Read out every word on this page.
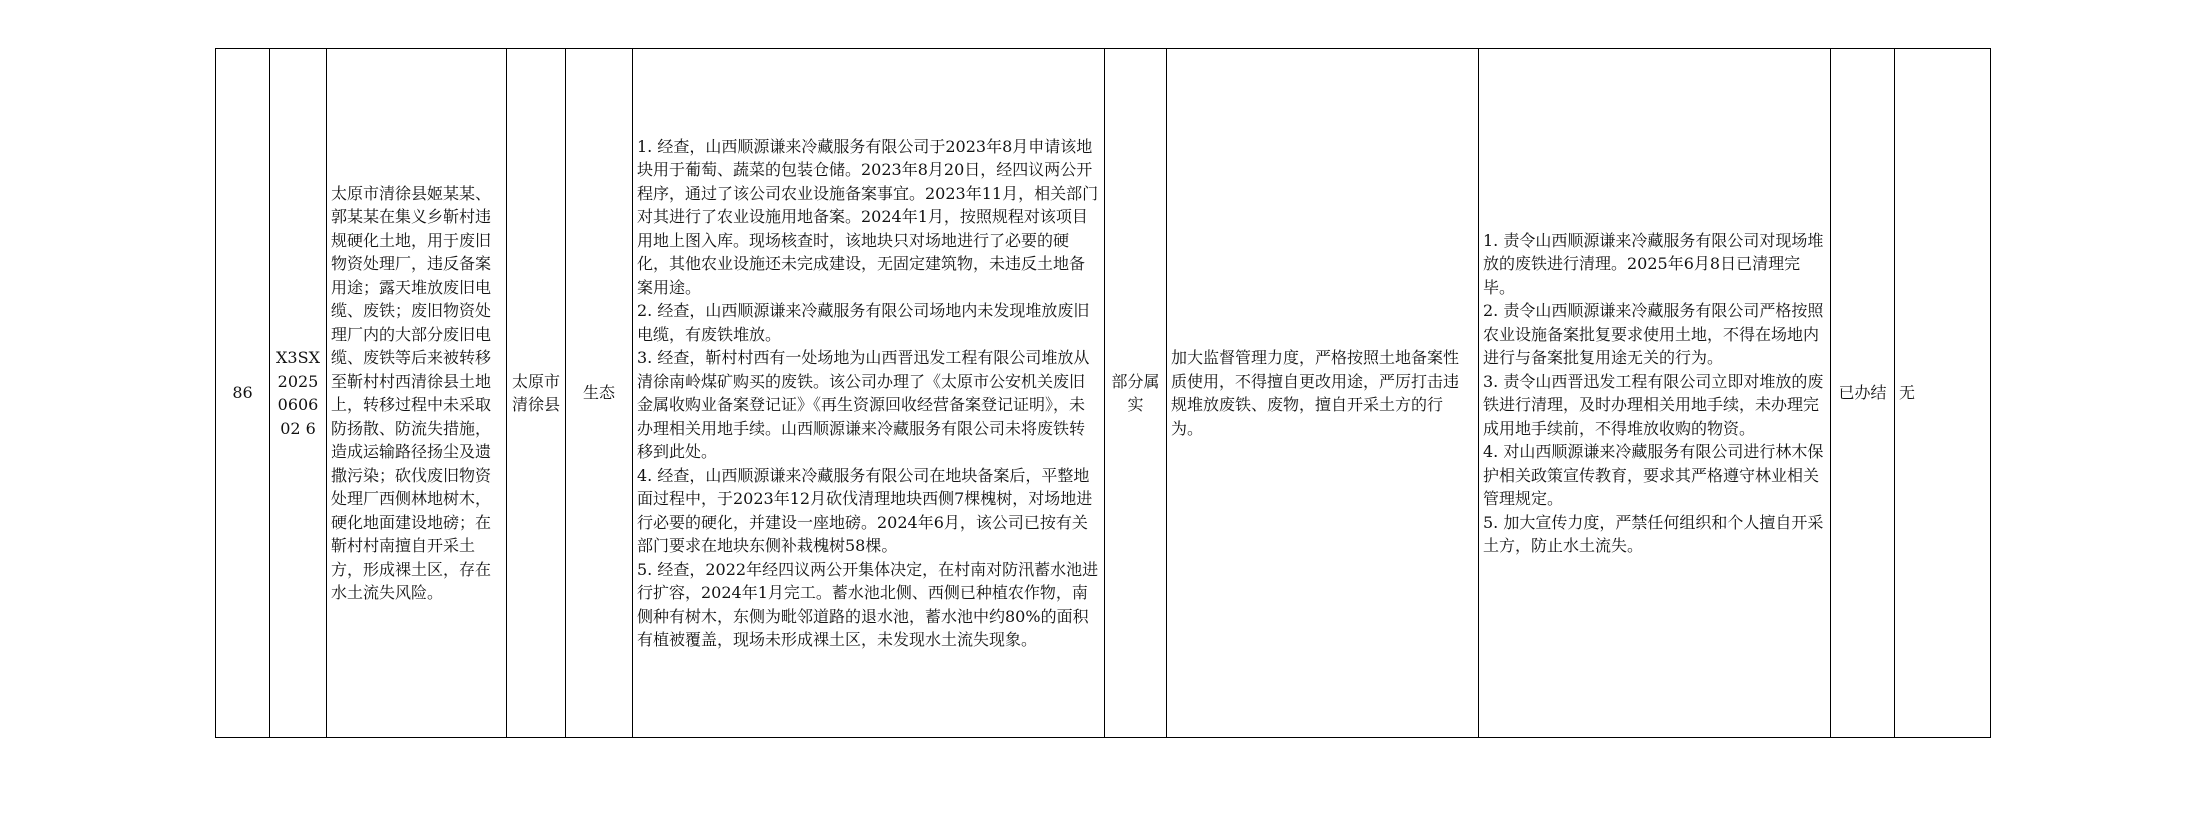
86	X3SX2025060602 6	太原市清徐县姬某某、郭某某在集义乡靳村违规硬化土地，用于废旧物资处理厂，违反备案用途；露天堆放废旧电缆、废铁；废旧物资处理厂内的大部分废旧电缆、废铁等后来被转移至靳村村西清徐县土地上，转移过程中未采取防扬散、防流失措施，造成运输路径扬尘及遗撒污染；砍伐废旧物资处理厂西侧林地树木，硬化地面建设地磅；在靳村村南擅自开采土方，形成裸土区，存在水土流失风险。	太原市清徐县	生态	1. 经查，山西顺源谦来冷藏服务有限公司于2023年8月申请该地块用于葡萄、蔬菜的包装仓储。2023年8月20日，经四议两公开程序，通过了该公司农业设施备案事宜。2023年11月，相关部门对其进行了农业设施用地备案。2024年1月，按照规程对该项目用地上图入库。现场核查时，该地块只对场地进行了必要的硬化，其他农业设施还未完成建设，无固定建筑物，未违反土地备案用途。
2. 经查，山西顺源谦来冷藏服务有限公司场地内未发现堆放废旧电缆，有废铁堆放。
3. 经查，靳村村西有一处场地为山西晋迅发工程有限公司堆放从清徐南岭煤矿购买的废铁。该公司办理了《太原市公安机关废旧金属收购业备案登记证》《再生资源回收经营备案登记证明》，未办理相关用地手续。山西顺源谦来冷藏服务有限公司未将废铁转移到此处。
4. 经查，山西顺源谦来冷藏服务有限公司在地块备案后，平整地面过程中，于2023年12月砍伐清理地块西侧7棵槐树，对场地进行必要的硬化，并建设一座地磅。2024年6月，该公司已按有关部门要求在地块东侧补栽槐树58棵。
5. 经查，2022年经四议两公开集体决定，在村南对防汛蓄水池进行扩容，2024年1月完工。蓄水池北侧、西侧已种植农作物，南侧种有树木，东侧为毗邻道路的退水池，蓄水池中约80%的面积有植被覆盖，现场未形成裸土区，未发现水土流失现象。	部分属实	加大监督管理力度，严格按照土地备案性质使用，不得擅自更改用途，严厉打击违规堆放废铁、废物，擅自开采土方的行为。	1. 责令山西顺源谦来冷藏服务有限公司对现场堆放的废铁进行清理。2025年6月8日已清理完毕。
2. 责令山西顺源谦来冷藏服务有限公司严格按照农业设施备案批复要求使用土地，不得在场地内进行与备案批复用途无关的行为。
3. 责令山西晋迅发工程有限公司立即对堆放的废铁进行清理，及时办理相关用地手续，未办理完成用地手续前，不得堆放收购的物资。
4. 对山西顺源谦来冷藏服务有限公司进行林木保护相关政策宣传教育，要求其严格遵守林业相关管理规定。
5. 加大宣传力度，严禁任何组织和个人擅自开采土方，防止水土流失。	已办结	无
